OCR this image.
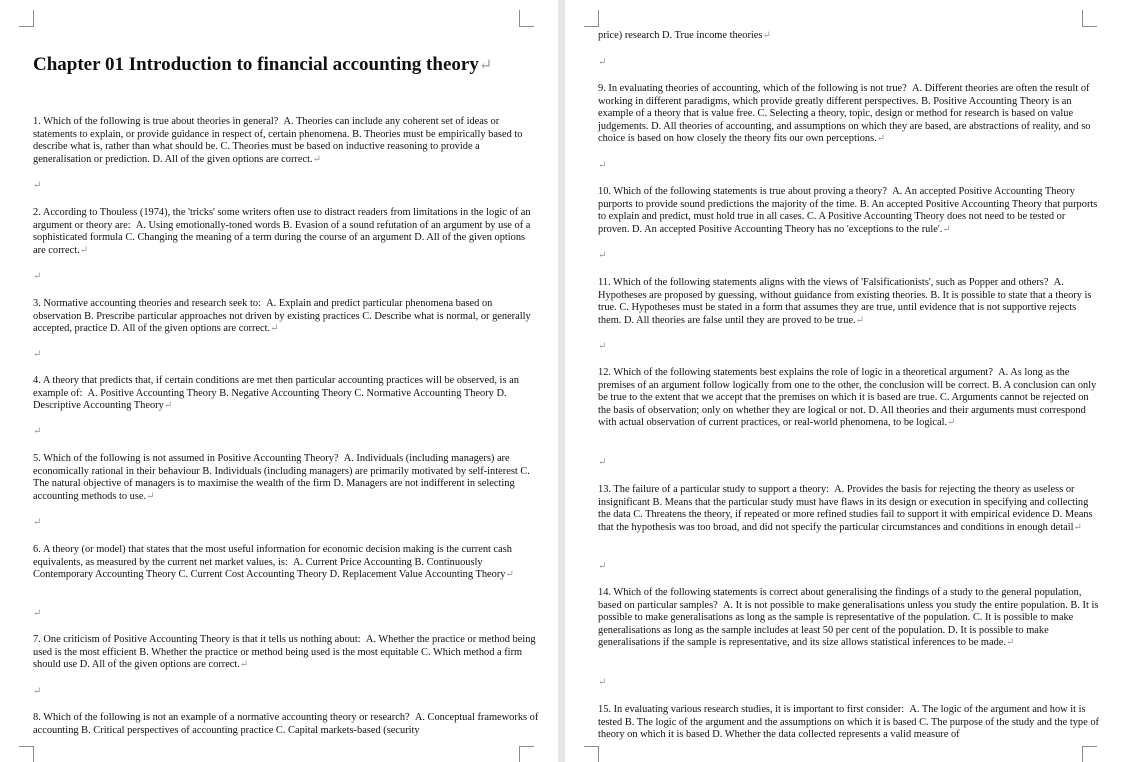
Chapter 01 Introduction to financial accounting theory↵
1. Which of the following is true about theories in general?  A. Theories can include any coherent set of ideas or statements to explain, or provide guidance in respect of, certain phenomena. B. Theories must be empirically based to describe what is, rather than what should be. C. Theories must be based on inductive reasoning to provide a generalisation or prediction. D. All of the given options are correct.↵
↵
2. According to Thouless (1974), the 'tricks' some writers often use to distract readers from limitations in the logic of an argument or theory are:  A. Using emotionally-toned words B. Evasion of a sound refutation of an argument by use of a sophisticated formula C. Changing the meaning of a term during the course of an argument D. All of the given options are correct.↵
↵
3. Normative accounting theories and research seek to:  A. Explain and predict particular phenomena based on observation B. Prescribe particular approaches not driven by existing practices C. Describe what is normal, or generally accepted, practice D. All of the given options are correct.↵
↵
4. A theory that predicts that, if certain conditions are met then particular accounting practices will be observed, is an example of:  A. Positive Accounting Theory B. Negative Accounting Theory C. Normative Accounting Theory D. Descriptive Accounting Theory↵
↵
5. Which of the following is not assumed in Positive Accounting Theory?  A. Individuals (including managers) are economically rational in their behaviour B. Individuals (including managers) are primarily motivated by self-interest C. The natural objective of managers is to maximise the wealth of the firm D. Managers are not indifferent in selecting accounting methods to use.↵
↵
6. A theory (or model) that states that the most useful information for economic decision making is the current cash equivalents, as measured by the current net market values, is:  A. Current Price Accounting B. Continuously Contemporary Accounting Theory C. Current Cost Accounting Theory D. Replacement Value Accounting Theory↵
↵
7. One criticism of Positive Accounting Theory is that it tells us nothing about:  A. Whether the practice or method being used is the most efficient B. Whether the practice or method being used is the most equitable C. Which method a firm should use D. All of the given options are correct.↵
↵
8. Which of the following is not an example of a normative accounting theory or research?  A. Conceptual frameworks of accounting B. Critical perspectives of accounting practice C. Capital markets-based (security
price) research D. True income theories↵
↵
9. In evaluating theories of accounting, which of the following is not true?  A. Different theories are often the result of working in different paradigms, which provide greatly different perspectives. B. Positive Accounting Theory is an example of a theory that is value free. C. Selecting a theory, topic, design or method for research is based on value judgements. D. All theories of accounting, and assumptions on which they are based, are abstractions of reality, and so choice is based on how closely the theory fits our own perceptions.↵
↵
10. Which of the following statements is true about proving a theory?  A. An accepted Positive Accounting Theory purports to provide sound predictions the majority of the time. B. An accepted Positive Accounting Theory that purports to explain and predict, must hold true in all cases. C. A Positive Accounting Theory does not need to be tested or proven. D. An accepted Positive Accounting Theory has no 'exceptions to the rule'.↵
↵
11. Which of the following statements aligns with the views of 'Falsificationists', such as Popper and others?  A. Hypotheses are proposed by guessing, without guidance from existing theories. B. It is possible to state that a theory is true. C. Hypotheses must be stated in a form that assumes they are true, until evidence that is not supportive rejects them. D. All theories are false until they are proved to be true.↵
↵
12. Which of the following statements best explains the role of logic in a theoretical argument?  A. As long as the premises of an argument follow logically from one to the other, the conclusion will be correct. B. A conclusion can only be true to the extent that we accept that the premises on which it is based are true. C. Arguments cannot be rejected on the basis of observation; only on whether they are logical or not. D. All theories and their arguments must correspond with actual observation of current practices, or real-world phenomena, to be logical.↵
↵
13. The failure of a particular study to support a theory:  A. Provides the basis for rejecting the theory as useless or insignificant B. Means that the particular study must have flaws in its design or execution in specifying and collecting the data C. Threatens the theory, if repeated or more refined studies fail to support it with empirical evidence D. Means that the hypothesis was too broad, and did not specify the particular circumstances and conditions in enough detail↵
↵
14. Which of the following statements is correct about generalising the findings of a study to the general population, based on particular samples?  A. It is not possible to make generalisations unless you study the entire population. B. It is possible to make generalisations as long as the sample is representative of the population. C. It is possible to make generalisations as long as the sample includes at least 50 per cent of the population. D. It is possible to make generalisations if the sample is representative, and its size allows statistical inferences to be made.↵
↵
15. In evaluating various research studies, it is important to first consider:  A. The logic of the argument and how it is tested B. The logic of the argument and the assumptions on which it is based C. The purpose of the study and the type of theory on which it is based D. Whether the data collected represents a valid measure of
